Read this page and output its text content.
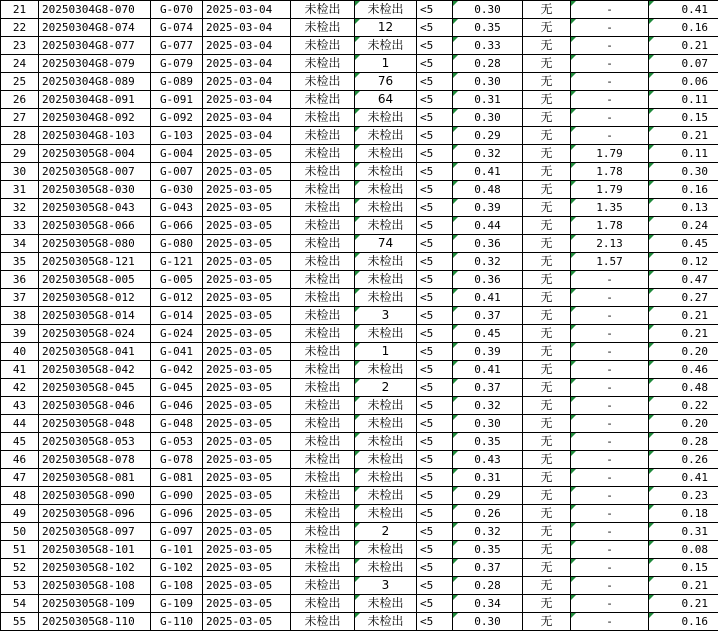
21	20250304G8-070	G-070	2025-03-04	未检出	未检出	<5	0.30	无	-	0.41
22	20250304G8-074	G-074	2025-03-04	未检出	12	<5	0.35	无	-	0.16
23	20250304G8-077	G-077	2025-03-04	未检出	未检出	<5	0.33	无	-	0.21
24	20250304G8-079	G-079	2025-03-04	未检出	1	<5	0.28	无	-	0.07
25	20250304G8-089	G-089	2025-03-04	未检出	76	<5	0.30	无	-	0.06
26	20250304G8-091	G-091	2025-03-04	未检出	64	<5	0.31	无	-	0.11
27	20250304G8-092	G-092	2025-03-04	未检出	未检出	<5	0.30	无	-	0.15
28	20250304G8-103	G-103	2025-03-04	未检出	未检出	<5	0.29	无	-	0.21
29	20250305G8-004	G-004	2025-03-05	未检出	未检出	<5	0.32	无	1.79	0.11
30	20250305G8-007	G-007	2025-03-05	未检出	未检出	<5	0.41	无	1.78	0.30
31	20250305G8-030	G-030	2025-03-05	未检出	未检出	<5	0.48	无	1.79	0.16
32	20250305G8-043	G-043	2025-03-05	未检出	未检出	<5	0.39	无	1.35	0.13
33	20250305G8-066	G-066	2025-03-05	未检出	未检出	<5	0.44	无	1.78	0.24
34	20250305G8-080	G-080	2025-03-05	未检出	74	<5	0.36	无	2.13	0.45
35	20250305G8-121	G-121	2025-03-05	未检出	未检出	<5	0.32	无	1.57	0.12
36	20250305G8-005	G-005	2025-03-05	未检出	未检出	<5	0.36	无	-	0.47
37	20250305G8-012	G-012	2025-03-05	未检出	未检出	<5	0.41	无	-	0.27
38	20250305G8-014	G-014	2025-03-05	未检出	3	<5	0.37	无	-	0.21
39	20250305G8-024	G-024	2025-03-05	未检出	未检出	<5	0.45	无	-	0.21
40	20250305G8-041	G-041	2025-03-05	未检出	1	<5	0.39	无	-	0.20
41	20250305G8-042	G-042	2025-03-05	未检出	未检出	<5	0.41	无	-	0.46
42	20250305G8-045	G-045	2025-03-05	未检出	2	<5	0.37	无	-	0.48
43	20250305G8-046	G-046	2025-03-05	未检出	未检出	<5	0.32	无	-	0.22
44	20250305G8-048	G-048	2025-03-05	未检出	未检出	<5	0.30	无	-	0.20
45	20250305G8-053	G-053	2025-03-05	未检出	未检出	<5	0.35	无	-	0.28
46	20250305G8-078	G-078	2025-03-05	未检出	未检出	<5	0.43	无	-	0.26
47	20250305G8-081	G-081	2025-03-05	未检出	未检出	<5	0.31	无	-	0.41
48	20250305G8-090	G-090	2025-03-05	未检出	未检出	<5	0.29	无	-	0.23
49	20250305G8-096	G-096	2025-03-05	未检出	未检出	<5	0.26	无	-	0.18
50	20250305G8-097	G-097	2025-03-05	未检出	2	<5	0.32	无	-	0.31
51	20250305G8-101	G-101	2025-03-05	未检出	未检出	<5	0.35	无	-	0.08
52	20250305G8-102	G-102	2025-03-05	未检出	未检出	<5	0.37	无	-	0.15
53	20250305G8-108	G-108	2025-03-05	未检出	3	<5	0.28	无	-	0.21
54	20250305G8-109	G-109	2025-03-05	未检出	未检出	<5	0.34	无	-	0.21
55	20250305G8-110	G-110	2025-03-05	未检出	未检出	<5	0.30	无	-	0.16
